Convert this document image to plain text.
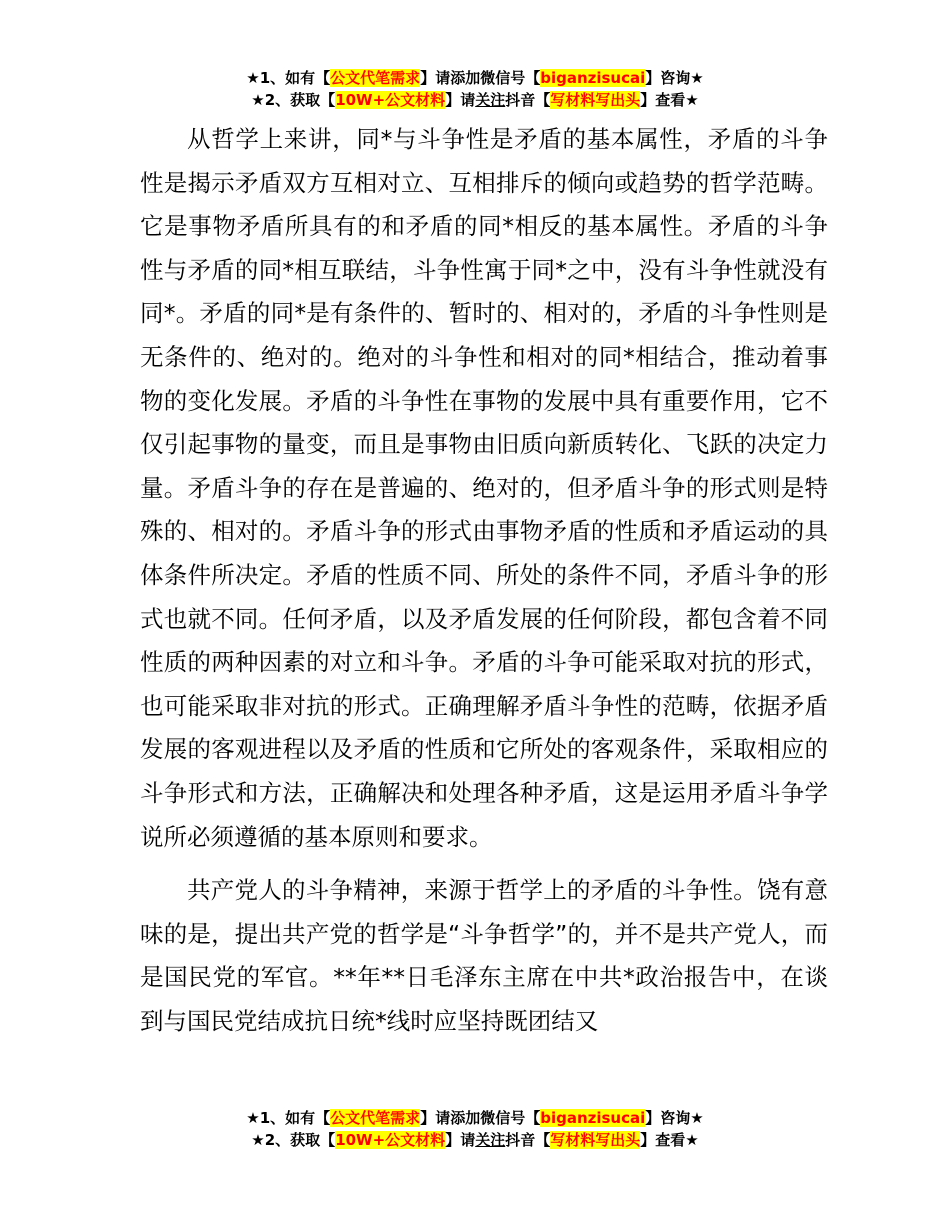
★1、如有【公文代笔需求】请添加微信号【biganzisucai】咨询★
★2、获取【10W+公文材料】请关注抖音【写材料写出头】查看★

从哲学上来讲，同*与斗争性是矛盾的基本属性，矛盾的斗争性是揭示矛盾双方互相对立、互相排斥的倾向或趋势的哲学范畴。它是事物矛盾所具有的和矛盾的同*相反的基本属性。矛盾的斗争性与矛盾的同*相互联结，斗争性寓于同*之中，没有斗争性就没有同*。矛盾的同*是有条件的、暂时的、相对的，矛盾的斗争性则是无条件的、绝对的。绝对的斗争性和相对的同*相结合，推动着事物的变化发展。矛盾的斗争性在事物的发展中具有重要作用，它不仅引起事物的量变，而且是事物由旧质向新质转化、飞跃的决定力量。矛盾斗争的存在是普遍的、绝对的，但矛盾斗争的形式则是特殊的、相对的。矛盾斗争的形式由事物矛盾的性质和矛盾运动的具体条件所决定。矛盾的性质不同、所处的条件不同，矛盾斗争的形式也就不同。任何矛盾，以及矛盾发展的任何阶段，都包含着不同性质的两种因素的对立和斗争。矛盾的斗争可能采取对抗的形式，也可能采取非对抗的形式。正确理解矛盾斗争性的范畴，依据矛盾发展的客观进程以及矛盾的性质和它所处的客观条件，采取相应的斗争形式和方法，正确解决和处理各种矛盾，这是运用矛盾斗争学说所必须遵循的基本原则和要求。

共产党人的斗争精神，来源于哲学上的矛盾的斗争性。饶有意味的是，提出共产党的哲学是“斗争哲学”的，并不是共产党人，而是国民党的军官。**年**日毛泽东主席在中共*政治报告中，在谈到与国民党结成抗日统*线时应坚持既团结又

★1、如有【公文代笔需求】请添加微信号【biganzisucai】咨询★
★2、获取【10W+公文材料】请关注抖音【写材料写出头】查看★
